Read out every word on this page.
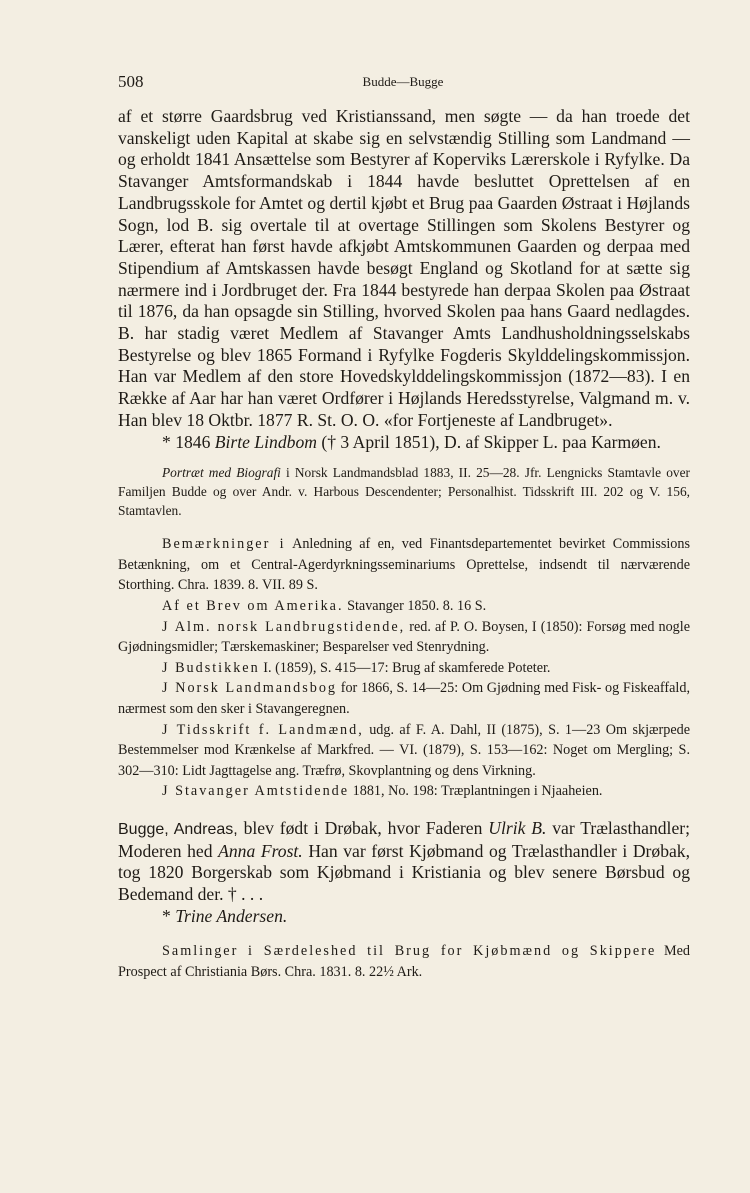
508	Budde—Bugge

af et større Gaardsbrug ved Kristianssand, men søgte — da han troede det vanskeligt uden Kapital at skabe sig en selvstændig Stilling som Landmand — og erholdt 1841 Ansættelse som Bestyrer af Koperviks Lærerskole i Ryfylke. Da Stavanger Amtsformandskab i 1844 havde besluttet Oprettelsen af en Landbrugsskole for Amtet og dertil kjøbt et Brug paa Gaarden Østraat i Højlands Sogn, lod B. sig overtale til at overtage Stillingen som Skolens Bestyrer og Lærer, efterat han først havde afkjøbt Amtskommunen Gaarden og derpaa med Stipendium af Amtskassen havde besøgt England og Skotland for at sætte sig nærmere ind i Jordbruget der. Fra 1844 bestyrede han derpaa Skolen paa Østraat til 1876, da han opsagde sin Stilling, hvorved Skolen paa hans Gaard nedlagdes. B. har stadig været Medlem af Stavanger Amts Landhusholdningsselskabs Bestyrelse og blev 1865 Formand i Ryfylke Fogderis Skylddelingskommissjon. Han var Medlem af den store Hovedskylddelingskommissjon (1872—83). I en Række af Aar har han været Ordfører i Højlands Heredsstyrelse, Valgmand m. v. Han blev 18 Oktbr. 1877 R. St. O. O. «for Fortjeneste af Landbruget».

* 1846 Birte Lindbom († 3 April 1851), D. af Skipper L. paa Karmøen.

Portræt med Biografi i Norsk Landmandsblad 1883, II. 25—28. Jfr. Lengnicks Stamtavle over Familjen Budde og over Andr. v. Harbous Descendenter; Personalhist. Tidsskrift III. 202 og V. 156, Stamtavlen.

Bemærkninger i Anledning af en, ved Finantsdepartementet bevirket Commissions Betænkning, om et Central-Agerdyrkningsseminariums Oprettelse, indsendt til nærværende Storthing. Chra. 1839. 8. VII. 89 S.

Af et Brev om Amerika. Stavanger 1850. 8. 16 S.

J Alm. norsk Landbrugstidende, red. af P. O. Boysen, I (1850): Forsøg med nogle Gjødningsmidler; Tærskemaskiner; Besparelser ved Stenrydning.

J Budstikken I. (1859), S. 415—17: Brug af skamferede Poteter.

J Norsk Landmandsbog for 1866, S. 14—25: Om Gjødning med Fisk- og Fiskeaffald, nærmest som den sker i Stavangeregnen.

J Tidsskrift f. Landmænd, udg. af F. A. Dahl, II (1875), S. 1—23 Om skjærpede Bestemmelser mod Krænkelse af Markfred. — VI. (1879), S. 153—162: Noget om Mergling; S. 302—310: Lidt Jagttagelse ang. Træfrø, Skovplantning og dens Virkning.

J Stavanger Amtstidende 1881, No. 198: Træplantningen i Njaaheien.

Bugge, Andreas, blev født i Drøbak, hvor Faderen Ulrik B. var Trælasthandler; Moderen hed Anna Frost. Han var først Kjøbmand og Trælasthandler i Drøbak, tog 1820 Borgerskab som Kjøbmand i Kristiania og blev senere Børsbud og Bedemand der. † . . .

* Trine Andersen.

Samlinger i Særdeleshed til Brug for Kjøbmænd og Skippere Med Prospect af Christiania Børs. Chra. 1831. 8. 22½ Ark.
